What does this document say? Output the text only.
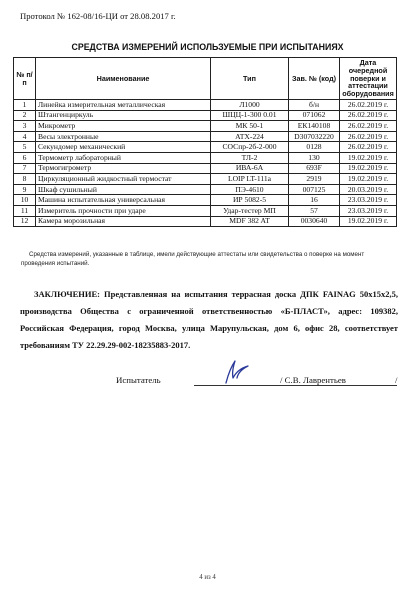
Протокол № 162-08/16-ЦИ от 28.08.2017 г.
СРЕДСТВА ИЗМЕРЕНИЙ ИСПОЛЬЗУЕМЫЕ ПРИ ИСПЫТАНИЯХ
№ п/п	Наименование	Тип	Зав. № (код)	Дата очередной поверки и аттестации оборудования
1	Линейка измерительная металлическая	Л1000	б/н	26.02.2019 г.
2	Штангенциркуль	ШЦЦ-1-300 0.01	071062	26.02.2019 г.
3	Микрометр	МК 50-1	ЕК140108	26.02.2019 г.
4	Весы электронные	ATX-224	D307032220	26.02.2019 г.
5	Секундомер механический	СОСпр-2б-2-000	0128	26.02.2019 г.
6	Термометр лабораторный	ТЛ-2	130	19.02.2019 г.
7	Термогигрометр	ИВА-6А	693F	19.02.2019 г.
8	Циркуляционный жидкостный термостат	LOIP LT-111a	2919	19.02.2019 г.
9	Шкаф сушильный	ПЭ-4610	007125	20.03.2019 г.
10	Машина испытательная универсальная	ИР 5082-5	16	23.03.2019 г.
11	Измеритель прочности при ударе	Удар-тестер МП	57	23.03.2019 г.
12	Камера морозильная	MDF 382 AT	0030640	19.02.2019 г.
Средства измерений, указанные в таблице, имели действующие аттестаты или свидетельства о поверке на момент проведения испытаний.
ЗАКЛЮЧЕНИЕ: Представленная на испытания террасная доска ДПК FAINAG 50x15x2,5, производства Общества с ограниченной ответственностью «Б-ПЛАСТ», адрес: 109382, Российская Федерация, город Москва, улица Марупульская, дом 6, офис 28, соответствует требованиям ТУ 22.29.29-002-18235883-2017.
Испытатель	/ С.В. Лаврентьев	/
4 из 4
